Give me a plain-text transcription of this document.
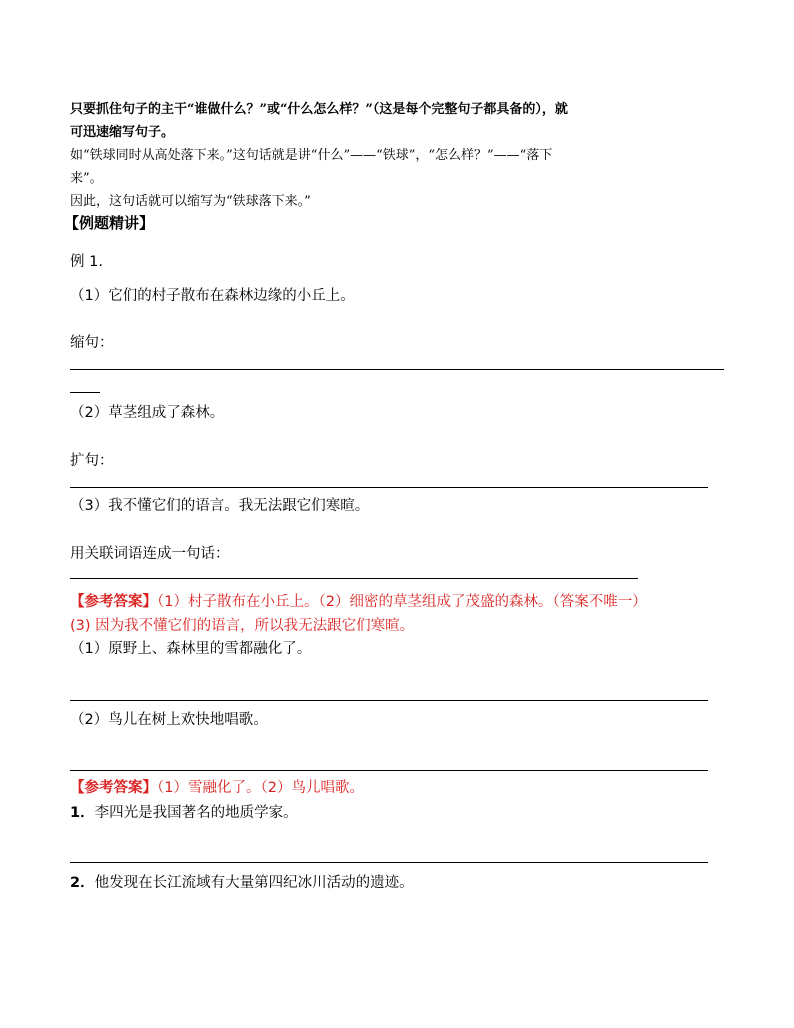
只要抓住句子的主干“谁做什么？”或“什么怎么样？”（这是每个完整句子都具备的），就
可迅速缩写句子。
如“铁球同时从高处落下来。”这句话就是讲“什么”——“铁球”，“怎么样？”——“落下
来”。
因此，这句话就可以缩写为“铁球落下来。”
【例题精讲】
例 1.
（1）它们的村子散布在森林边缘的小丘上。
缩句：
（2）草茎组成了森林。
扩句：
（3）我不懂它们的语言。我无法跟它们寒暄。
用关联词语连成一句话：
【参考答案】（1）村子散布在小丘上。（2）细密的草茎组成了茂盛的森林。（答案不唯一）
(3) 因为我不懂它们的语言，所以我无法跟它们寒暄。
（1）原野上、森林里的雪都融化了。
（2）鸟儿在树上欢快地唱歌。
【参考答案】（1）雪融化了。（2）鸟儿唱歌。
1．李四光是我国著名的地质学家。
2．他发现在长江流域有大量第四纪冰川活动的遗迹。
